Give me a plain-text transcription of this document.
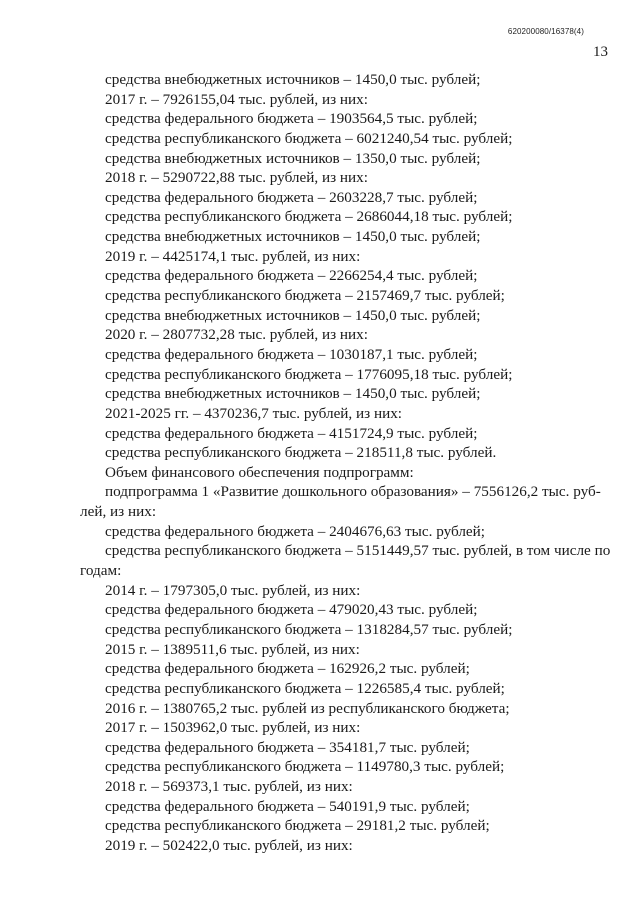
620200080/16378(4)
13
средства внебюджетных источников – 1450,0 тыс. рублей;
2017 г. – 7926155,04 тыс. рублей, из них:
средства федерального бюджета – 1903564,5 тыс. рублей;
средства республиканского бюджета – 6021240,54 тыс. рублей;
средства внебюджетных источников – 1350,0 тыс. рублей;
2018 г. – 5290722,88 тыс. рублей, из них:
средства федерального бюджета – 2603228,7 тыс. рублей;
средства республиканского бюджета – 2686044,18 тыс. рублей;
средства внебюджетных источников – 1450,0 тыс. рублей;
2019 г. – 4425174,1 тыс. рублей, из них:
средства федерального бюджета – 2266254,4 тыс. рублей;
средства республиканского бюджета – 2157469,7 тыс. рублей;
средства внебюджетных источников – 1450,0 тыс. рублей;
2020 г. – 2807732,28 тыс. рублей, из них:
средства федерального бюджета – 1030187,1 тыс. рублей;
средства республиканского бюджета – 1776095,18 тыс. рублей;
средства внебюджетных источников – 1450,0 тыс. рублей;
2021-2025 гг. – 4370236,7 тыс. рублей, из них:
средства федерального бюджета – 4151724,9 тыс. рублей;
средства республиканского бюджета – 218511,8 тыс. рублей.
Объем финансового обеспечения подпрограмм:
подпрограмма 1 «Развитие дошкольного образования» – 7556126,2 тыс. руб-
лей, из них:
средства федерального бюджета – 2404676,63 тыс. рублей;
средства республиканского бюджета – 5151449,57 тыс. рублей, в том числе по
годам:
2014 г. – 1797305,0 тыс. рублей, из них:
средства федерального бюджета – 479020,43 тыс. рублей;
средства республиканского бюджета – 1318284,57 тыс. рублей;
2015 г. – 1389511,6 тыс. рублей, из них:
средства федерального бюджета – 162926,2 тыс. рублей;
средства республиканского бюджета – 1226585,4 тыс. рублей;
2016 г. – 1380765,2 тыс. рублей из республиканского бюджета;
2017 г. – 1503962,0 тыс. рублей, из них:
средства федерального бюджета – 354181,7 тыс. рублей;
средства республиканского бюджета – 1149780,3 тыс. рублей;
2018 г. – 569373,1 тыс. рублей, из них:
средства федерального бюджета – 540191,9 тыс. рублей;
средства республиканского бюджета – 29181,2 тыс. рублей;
2019 г. – 502422,0 тыс. рублей, из них:
